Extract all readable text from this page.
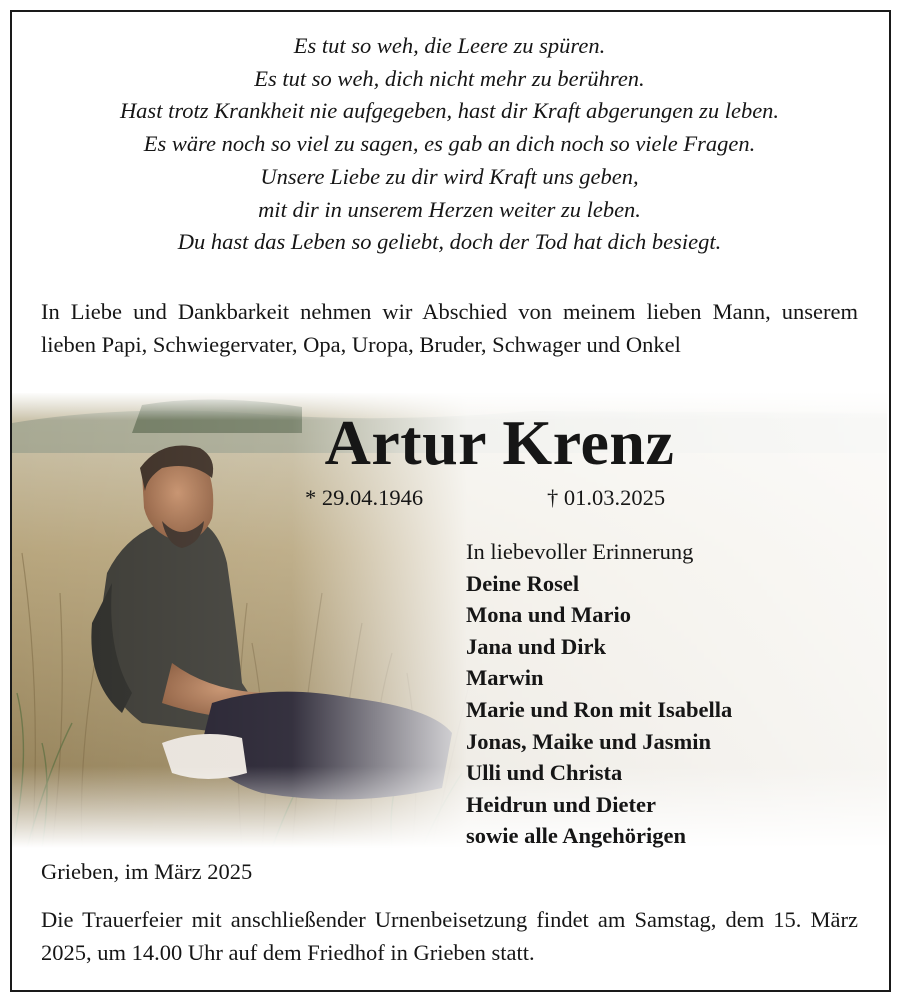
Es tut so weh, die Leere zu spüren.
Es tut so weh, dich nicht mehr zu berühren.
Hast trotz Krankheit nie aufgegeben, hast dir Kraft abgerungen zu leben.
Es wäre noch so viel zu sagen, es gab an dich noch so viele Fragen.
Unsere Liebe zu dir wird Kraft uns geben,
mit dir in unserem Herzen weiter zu leben.
Du hast das Leben so geliebt, doch der Tod hat dich besiegt.

In Liebe und Dankbarkeit nehmen wir Abschied von meinem lieben Mann, unserem lieben Papi, Schwiegervater, Opa, Uropa, Bruder, Schwager und Onkel

Artur Krenz
* 29.04.1946	† 01.03.2025
In liebevoller Erinnerung
Deine Rosel
Mona und Mario
Jana und Dirk
Marwin
Marie und Ron mit Isabella
Jonas, Maike und Jasmin
Ulli und Christa
Heidrun und Dieter
sowie alle Angehörigen
Grieben, im März 2025

Die Trauerfeier mit anschließender Urnenbeisetzung findet am Samstag, dem 15. März 2025, um 14.00 Uhr auf dem Friedhof in Grieben statt.
